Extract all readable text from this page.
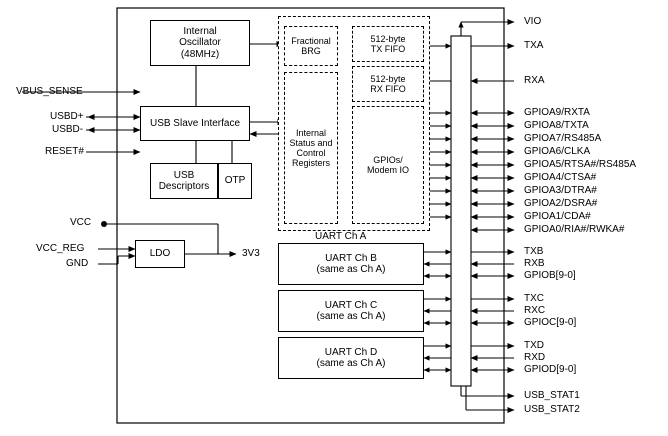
Internal
Oscillator
(48MHz)
USB Slave Interface
USB
Descriptors
OTP
LDO
Fractional
BRG
512-byte
TX FIFO
512-byte
RX FIFO
Internal
Status and
Control
Registers	GPIOs/
Modem IO
UART Ch A
UART Ch B
(same as Ch A)
UART Ch C
(same as Ch A)
UART Ch D
(same as Ch A)
VBUS_SENSE
USBD+
USBD-
RESET#
VCC
VCC_REG
GND
3V3
VIO
TXA
RXA
GPIOA9/RXTA
GPIOA8/TXTA
GPIOA7/RS485A
GPIOA6/CLKA
GPIOA5/RTSA#/RS485A
GPIOA4/CTSA#
GPIOA3/DTRA#
GPIOA2/DSRA#
GPIOA1/CDA#
GPIOA0/RIA#/RWKA#
TXB
RXB
GPIOB[9-0]
TXC
RXC
GPIOC[9-0]
TXD
RXD
GPIOD[9-0]
USB_STAT1
USB_STAT2
